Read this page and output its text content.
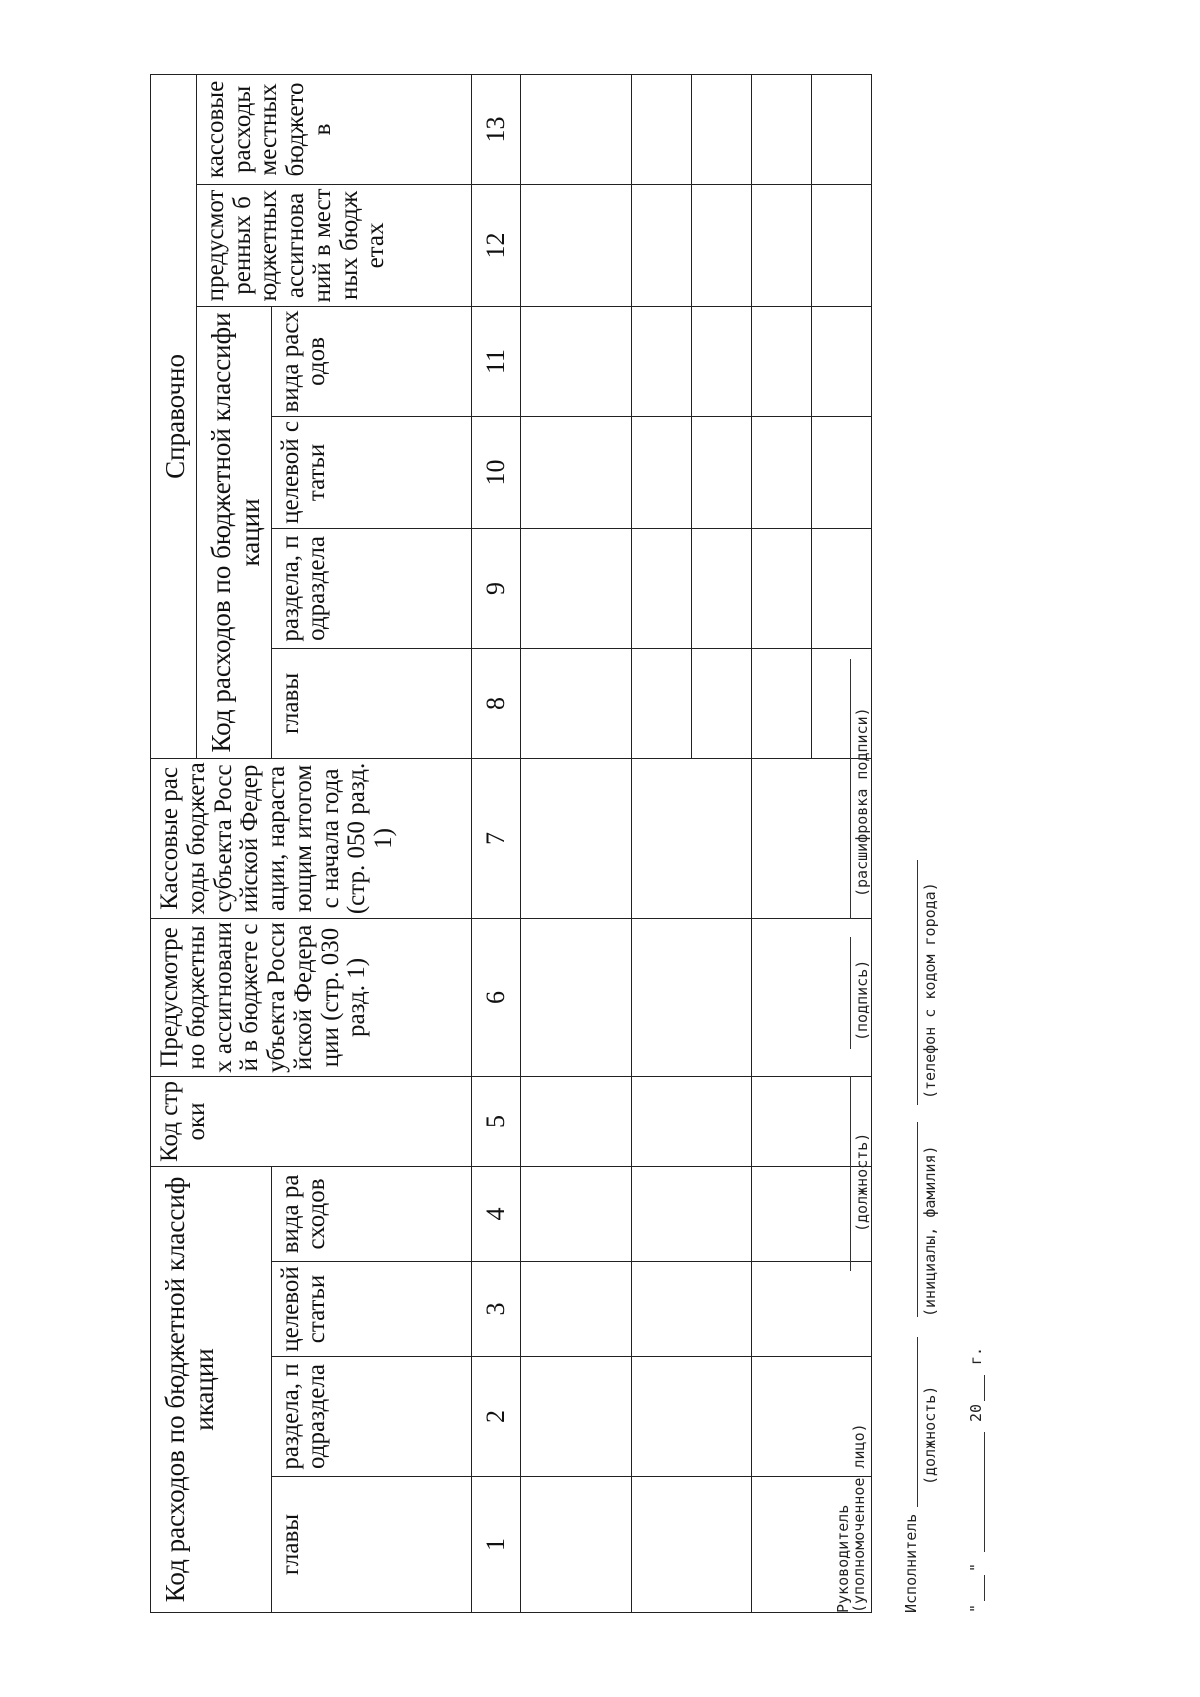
Код расходов по бюджетной классификации				Код строки	Предусмотрено бюджетных ассигнований в бюджете субъекта Российской Федерации (стр. 030 разд. 1)	Кассовые расходы бюджета субъекта Российской Федерации, нарастающим итогом с начала года (стр. 050 разд. 1)	Справочно					
							Код расходов по бюджетной классификации				предусмотренных бюджетных ассигнований в местных бюджетах	кассовые расходы местных бюджетов
главы	раздела, подраздела	целевой статьи	вида расходов				главы	раздела, подраздела	целевой статьи	вида расходов		
1	2	3	4	5	6	7	8	9	10	11	12	13

Руководитель
(уполномоченное лицо)
(должность)
(подпись)
(расшифровка подписи)
Исполнитель
(должность)
(инициалы, фамилия)
(телефон с кодом города)
"
"
20
г.
